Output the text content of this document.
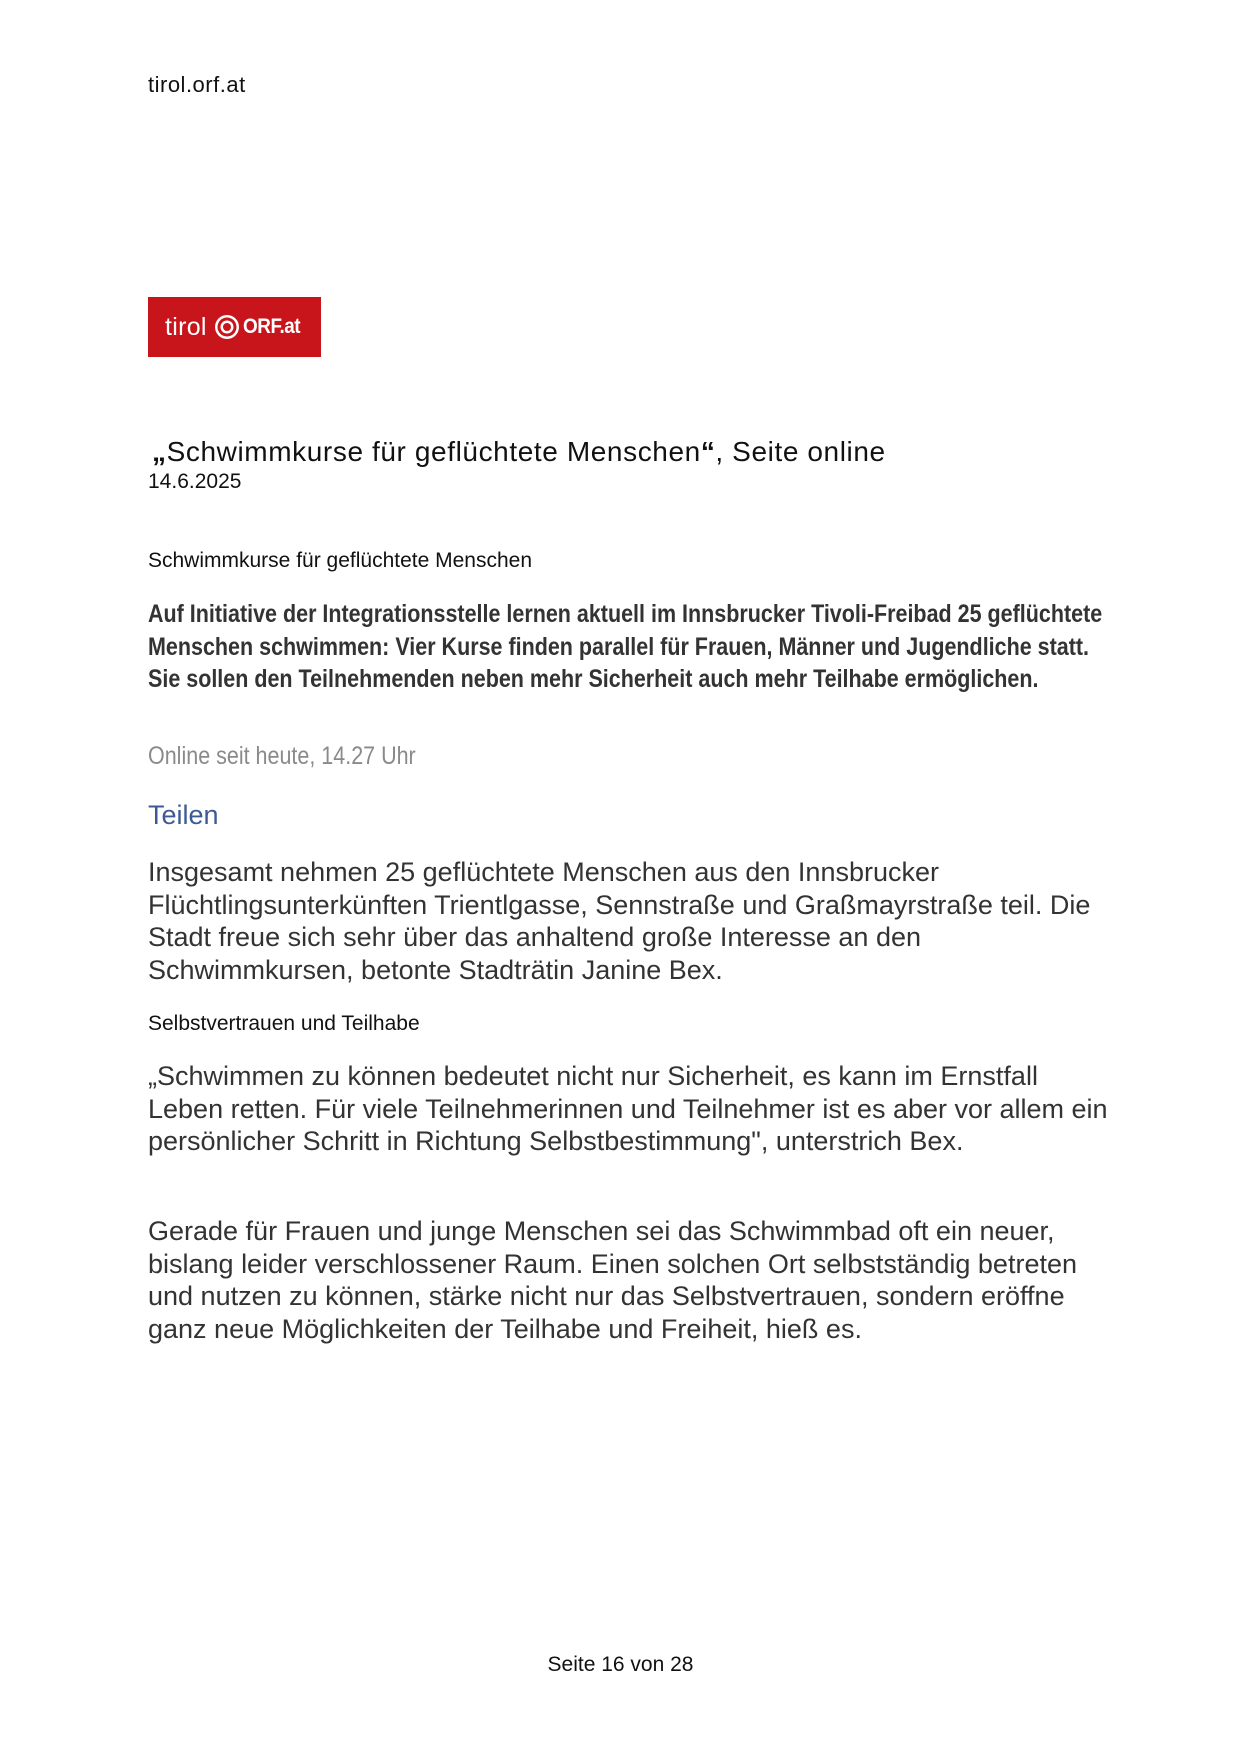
tirol.orf.at
tirol ORF.at
„Schwimmkurse für geflüchtete Menschen“, Seite online
14.6.2025
Schwimmkurse für geflüchtete Menschen
Auf Initiative der Integrationsstelle lernen aktuell im Innsbrucker Tivoli-Freibad 25 geflüchtete Menschen schwimmen: Vier Kurse finden parallel für Frauen, Männer und Jugendliche statt. Sie sollen den Teilnehmenden neben mehr Sicherheit auch mehr Teilhabe ermöglichen.
Online seit heute, 14.27 Uhr
Teilen
Insgesamt nehmen 25 geflüchtete Menschen aus den Innsbrucker Flüchtlingsunterkünften Trientlgasse, Sennstraße und Graßmayrstraße teil. Die Stadt freue sich sehr über das anhaltend große Interesse an den Schwimmkursen, betonte Stadträtin Janine Bex.
Selbstvertrauen und Teilhabe
„Schwimmen zu können bedeutet nicht nur Sicherheit, es kann im Ernstfall Leben retten. Für viele Teilnehmerinnen und Teilnehmer ist es aber vor allem ein persönlicher Schritt in Richtung Selbstbestimmung", unterstrich Bex.
Gerade für Frauen und junge Menschen sei das Schwimmbad oft ein neuer, bislang leider verschlossener Raum. Einen solchen Ort selbstständig betreten und nutzen zu können, stärke nicht nur das Selbstvertrauen, sondern eröffne ganz neue Möglichkeiten der Teilhabe und Freiheit, hieß es.
Seite 16 von 28
